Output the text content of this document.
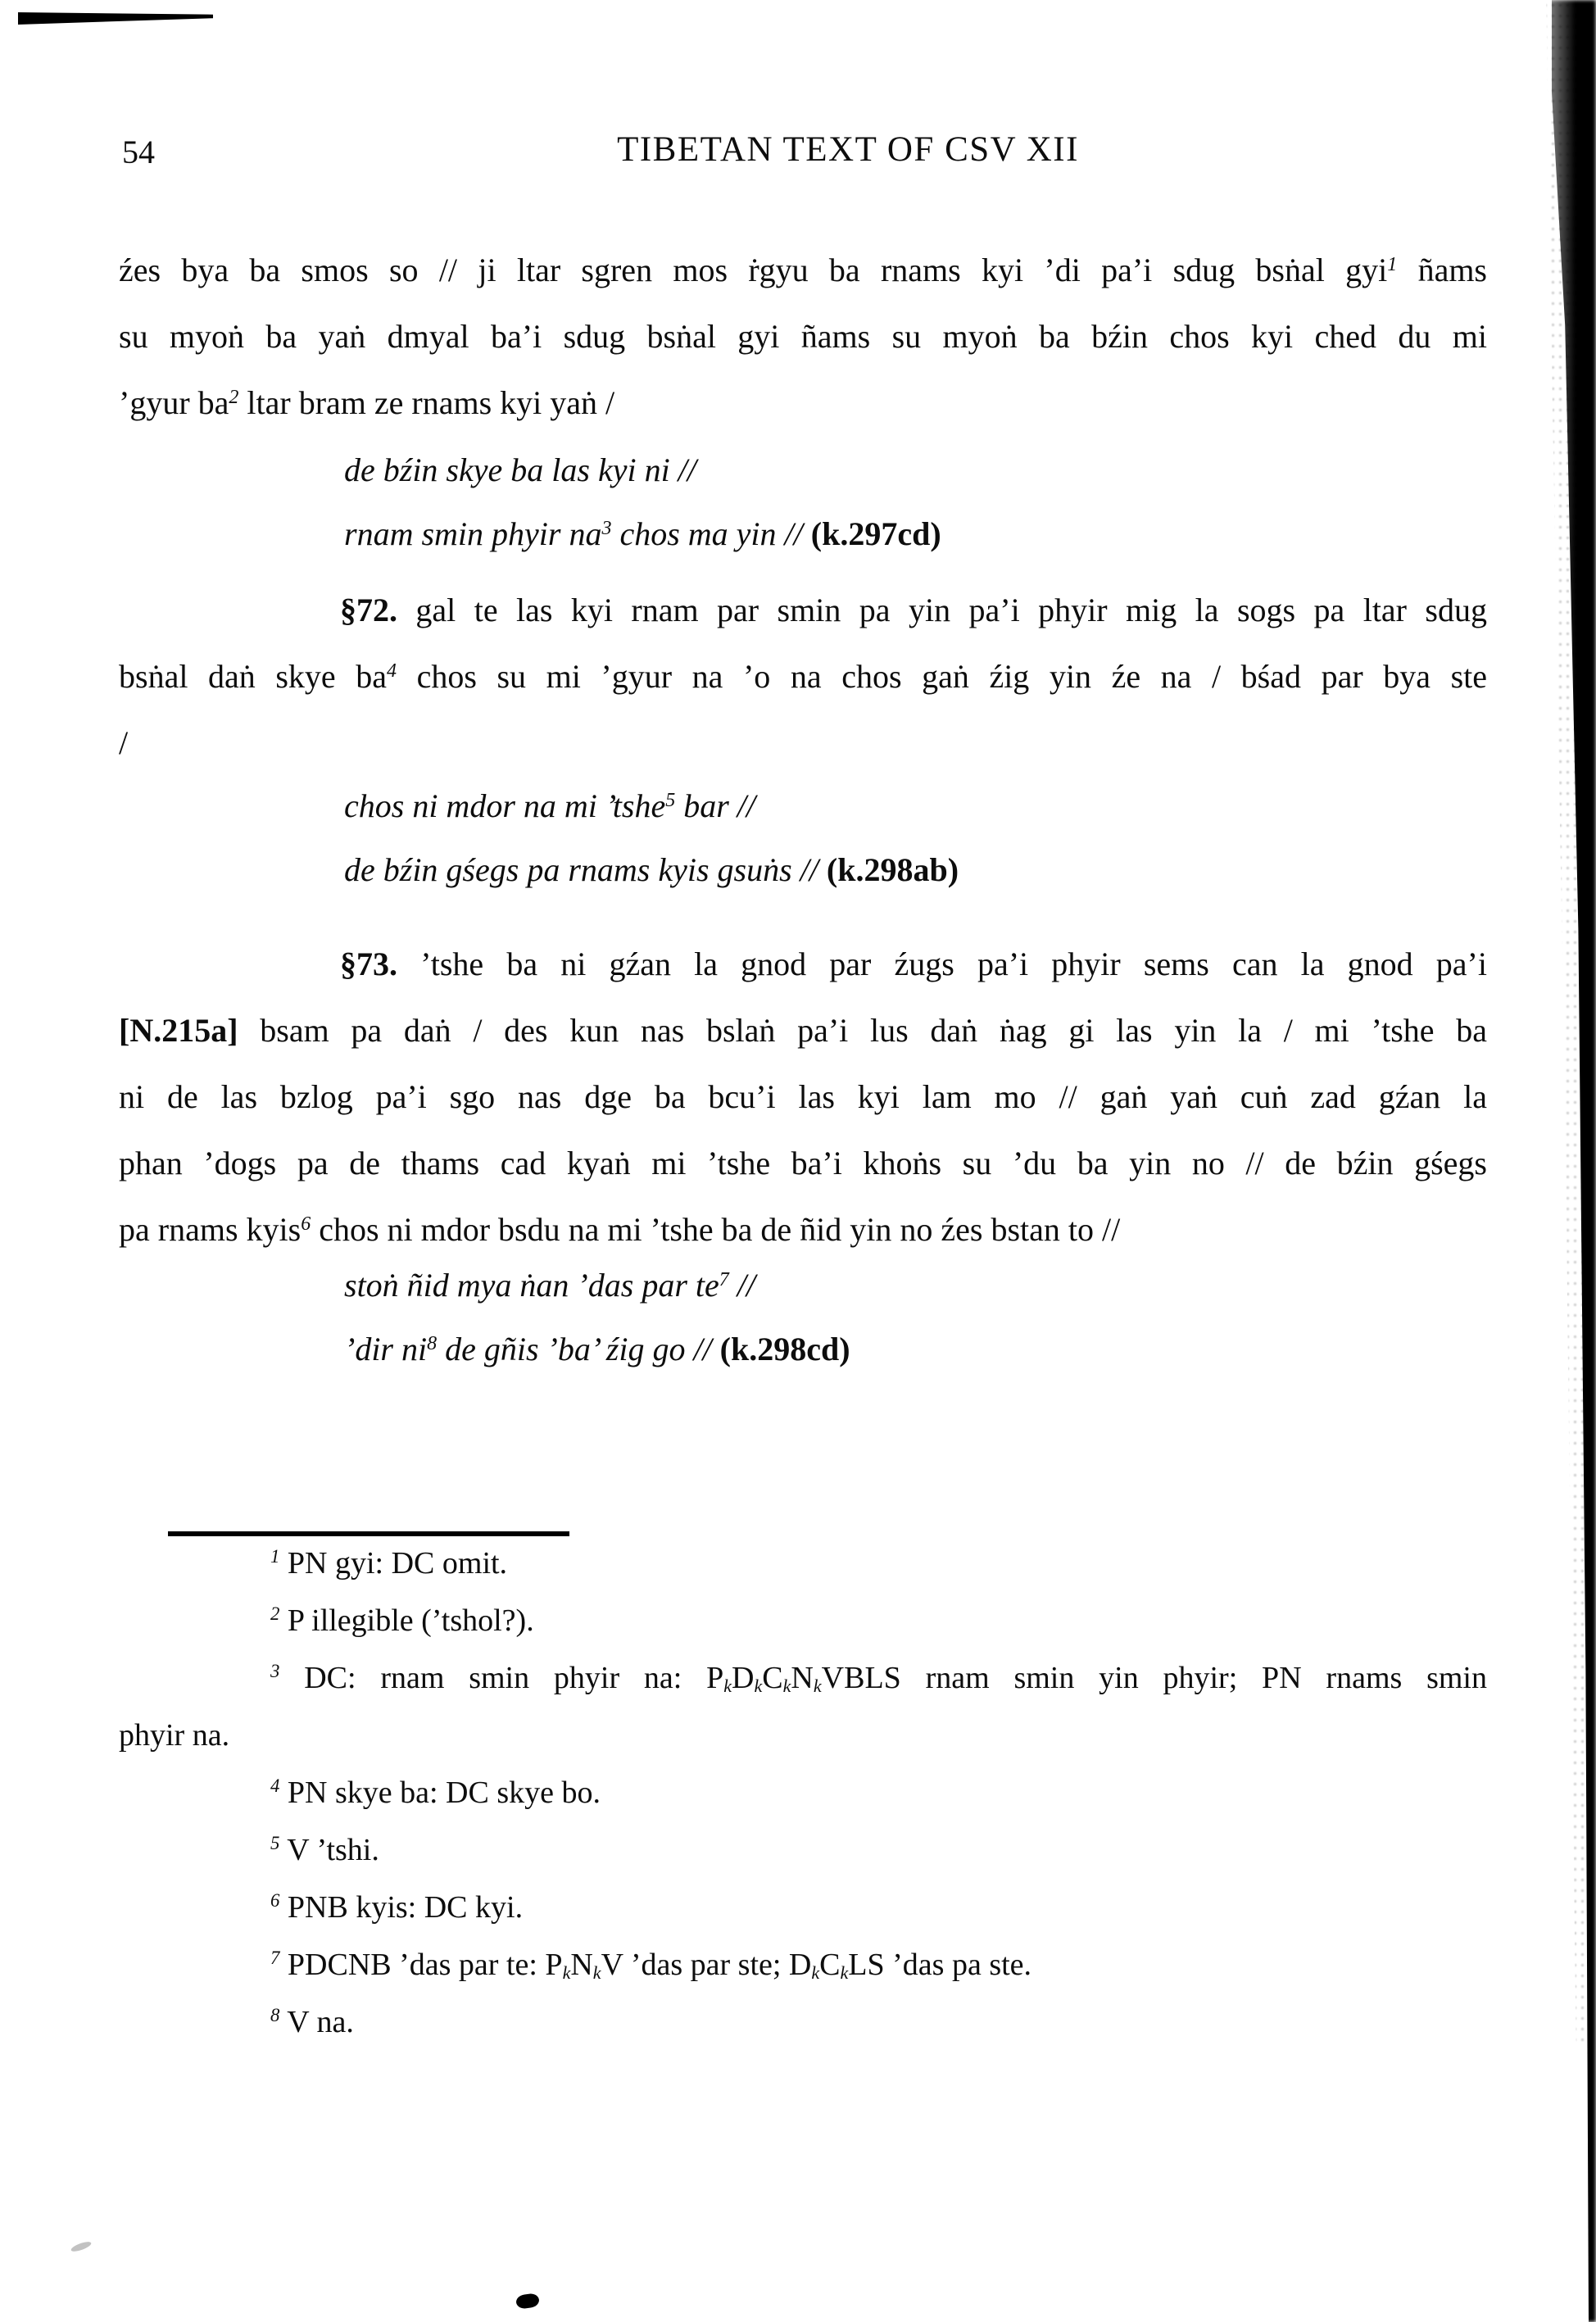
54	TIBETAN TEXT OF CSV XII
źes bya ba smos so // ji ltar sgren mos ṙgyu ba rnams kyi ’di pa’i sdug bsṅal gyi$^1$ ñams
su myoṅ ba yaṅ dmyal ba’i sdug bsṅal gyi ñams su myoṅ ba bźin chos kyi ched du mi
’gyur $ba^2$ ltar bram ze rnams kyi yaṅ /
de bźin skye ba las kyi ni //
rnam smin phyir $na^3$ chos ma yin // (k.297cd)
§72. gal te las kyi rnam par smin pa yin pa’i phyir mig la sogs pa ltar sdug
bsṅal daṅ skye $ba^4$ chos su mi ’gyur na ’o na chos gaṅ źig yin źe na / bśad par bya ste
/
chos ni mdor na mi ’tshe$^5$ bar //
de bźin gśegs pa rnams kyis gsuṅs // (k.298ab)
§73. ’tshe ba ni gźan la gnod par źugs pa’i phyir sems can la gnod pa’i
[N.215a] bsam pa daṅ / des kun nas bslaṅ pa’i lus daṅ ṅag gi las yin la / mi ’tshe ba
ni de las bzlog pa’i sgo nas dge ba bcu’i las kyi lam mo // gaṅ yaṅ cuṅ zad gźan la
phan ’dogs pa de thams cad kyaṅ mi ’tshe ba’i khoṅs su ’du ba yin no // de bźin gśegs
pa rnams kyis$^6$ chos ni mdor bsdu na mi ’tshe ba de ñid yin no źes bstan to //
stoṅ ñid mya ṅan ’das par $te^7$ //
’dir $ni^8$ de gñis ’ba’ źig go // (k.298cd)
$^1$ PN gyi: DC omit.
$^2$ P illegible (’tshol?).
$^3$ DC: rnam smin phyir na: $P_kD_kC_kN_kVBLS$ rnam smin yin phyir; PN rnams smin
phyir na.
$^4$ PN skye ba: DC skye bo.
$^5$ V ’tshi.
$^6$ PNB kyis: DC kyi.
$^7$ PDCNB ’das par te: $P_kN_kV$ ’das par ste; $D_kC_kLS$ ’das pa ste.
$^8$ V na.
